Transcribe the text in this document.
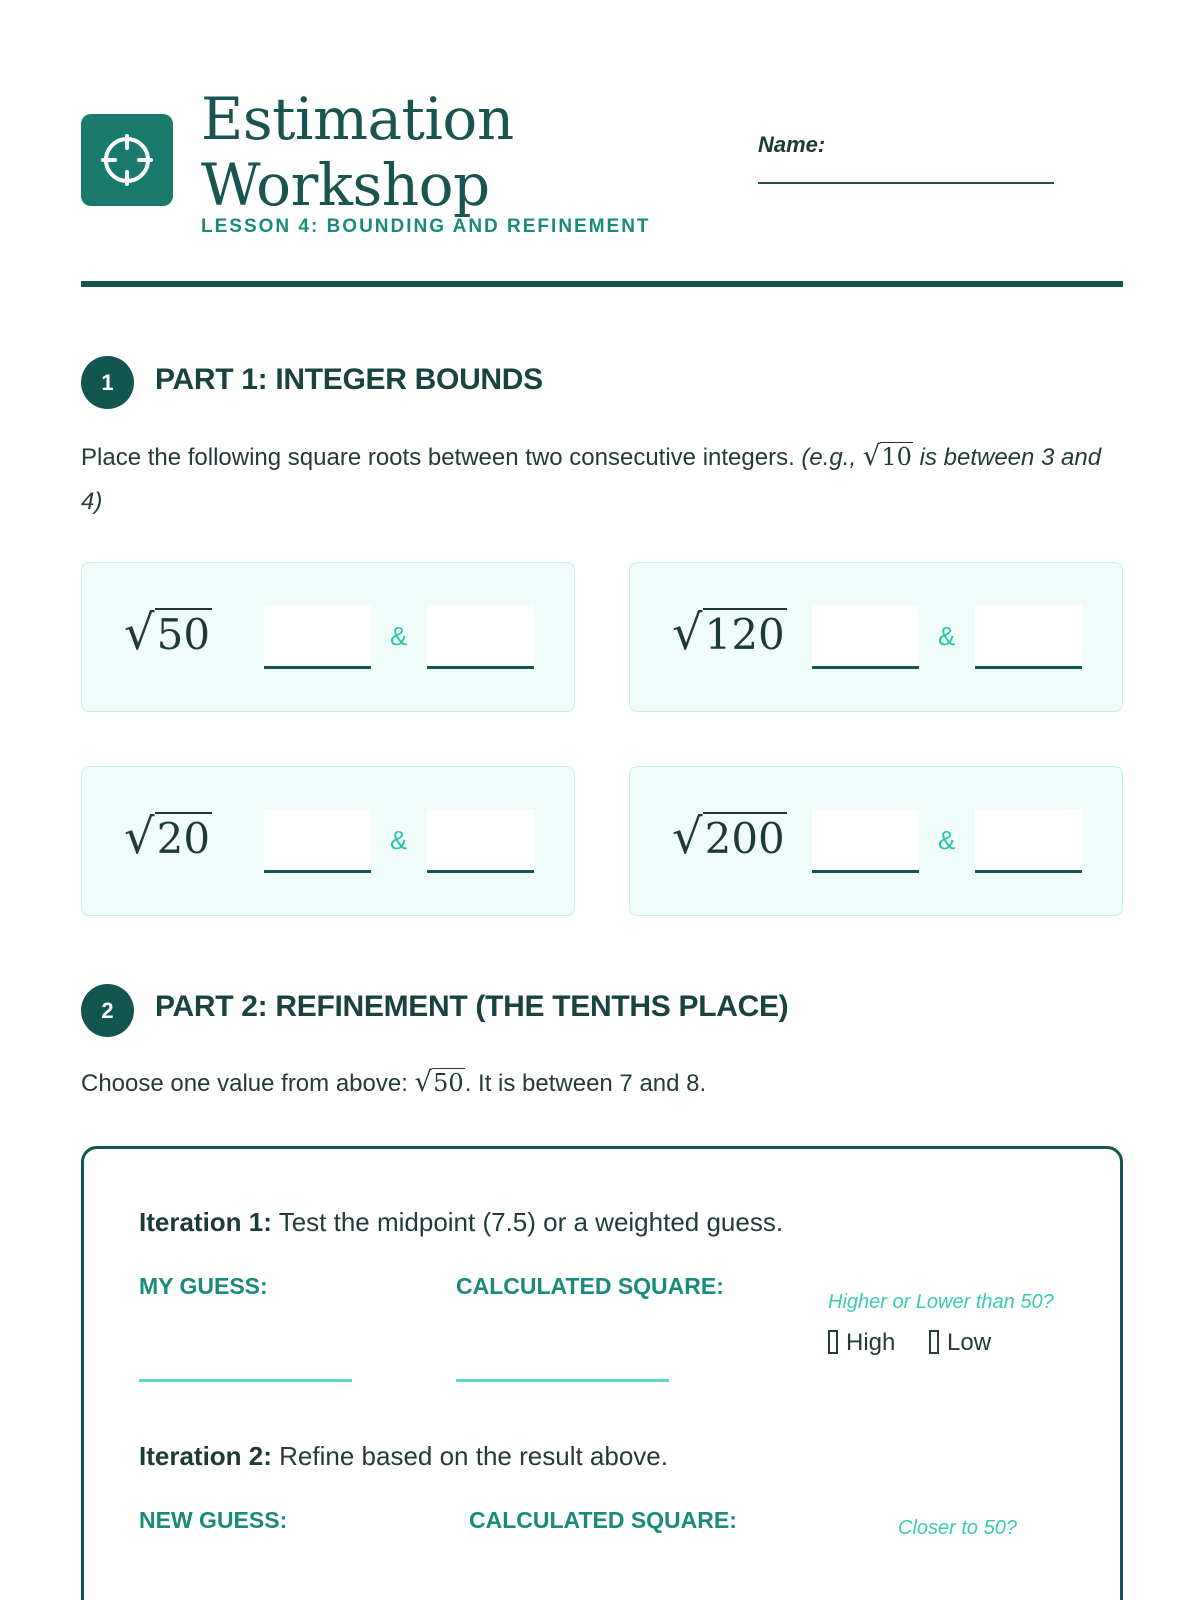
Estimation
Workshop
LESSON 4: BOUNDING AND REFINEMENT
Name:
1	PART 1: INTEGER BOUNDS
Place the following square roots between two consecutive integers. (e.g., √10 is between 3 and 4)
√50	&	√120	&
√20	&	√200	&
2	PART 2: REFINEMENT (THE TENTHS PLACE)
Choose one value from above: √50. It is between 7 and 8.
Iteration 1: Test the midpoint (7.5) or a weighted guess.
MY GUESS:	CALCULATED SQUARE:
Higher or Lower than 50?
High	Low
Iteration 2: Refine based on the result above.
NEW GUESS:	CALCULATED SQUARE:	Closer to 50?
